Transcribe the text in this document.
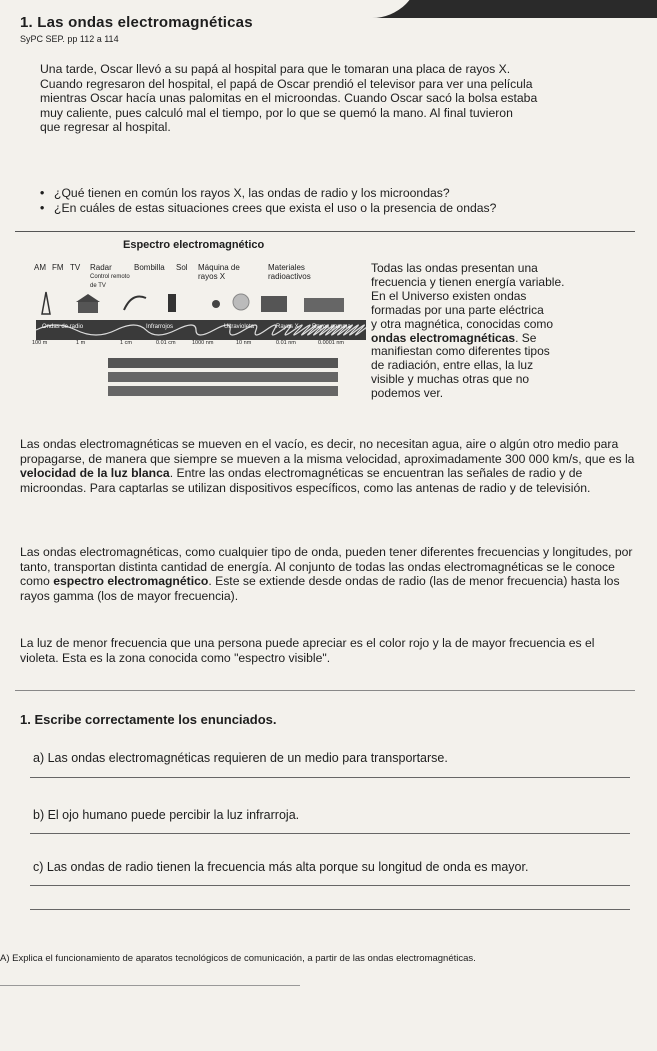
1. Las ondas electromagnéticas
SyPC SEP. pp 112 a 114

Una tarde, Oscar llevó a su papá al hospital para que le tomaran una placa de rayos X.

Cuando regresaron del hospital, el papá de Oscar prendió el televisor para ver una película

mientras Oscar hacía unas palomitas en el microondas. Cuando Oscar sacó la bolsa estaba

muy caliente, pues calculó mal el tiempo, por lo que se quemó la mano. Al final tuvieron

que regresar al hospital.

• ¿Qué tienen en común los rayos X, las ondas de radio y los microondas?
• ¿En cuáles de estas situaciones crees que exista el uso o la presencia de ondas?
Espectro electromagnético
AM FM TV Radar
Control remoto de TV
Bombilla Sol Máquina de rayos X
Materiales radioactivos
Ondas de radio	Infrarrojos	Ultravioleta	Rayos X Rayos gamma
100 m	1 m	1 cm	0.01 cm	1000 nm	10 nm	0.01 nm	0.0001 nm

Todas las ondas presentan una

frecuencia y tienen energía variable.

En el Universo existen ondas

formadas por una parte eléctrica

y otra magnética, conocidas como

ondas electromagnéticas. Se

manifiestan como diferentes tipos

de radiación, entre ellas, la luz

visible y muchas otras que no

podemos ver.

Las ondas electromagnéticas se mueven en el vacío, es decir, no necesitan agua, aire o algún otro medio para propagarse, de manera que siempre se mueven a la misma velocidad, aproximadamente 300 000 km/s, que es la velocidad de la luz blanca. Entre las ondas electromagnéticas se encuentran las señales de radio y de microondas. Para captarlas se utilizan dispositivos específicos, como las antenas de radio y de televisión.

Las ondas electromagnéticas, como cualquier tipo de onda, pueden tener diferentes frecuencias y longitudes, por tanto, transportan distinta cantidad de energía. Al conjunto de todas las ondas electromagnéticas se le conoce como espectro electromagnético. Este se extiende desde ondas de radio (las de menor frecuencia) hasta los rayos gamma (los de mayor frecuencia).

La luz de menor frecuencia que una persona puede apreciar es el color rojo y la de mayor frecuencia es el violeta. Esta es la zona conocida como "espectro visible".

1. Escribe correctamente los enunciados.
a) Las ondas electromagnéticas requieren de un medio para transportarse.
b) El ojo humano puede percibir la luz infrarroja.
c) Las ondas de radio tienen la frecuencia más alta porque su longitud de onda es mayor.
A) Explica el funcionamiento de aparatos tecnológicos de comunicación, a partir de las ondas electromagnéticas.
